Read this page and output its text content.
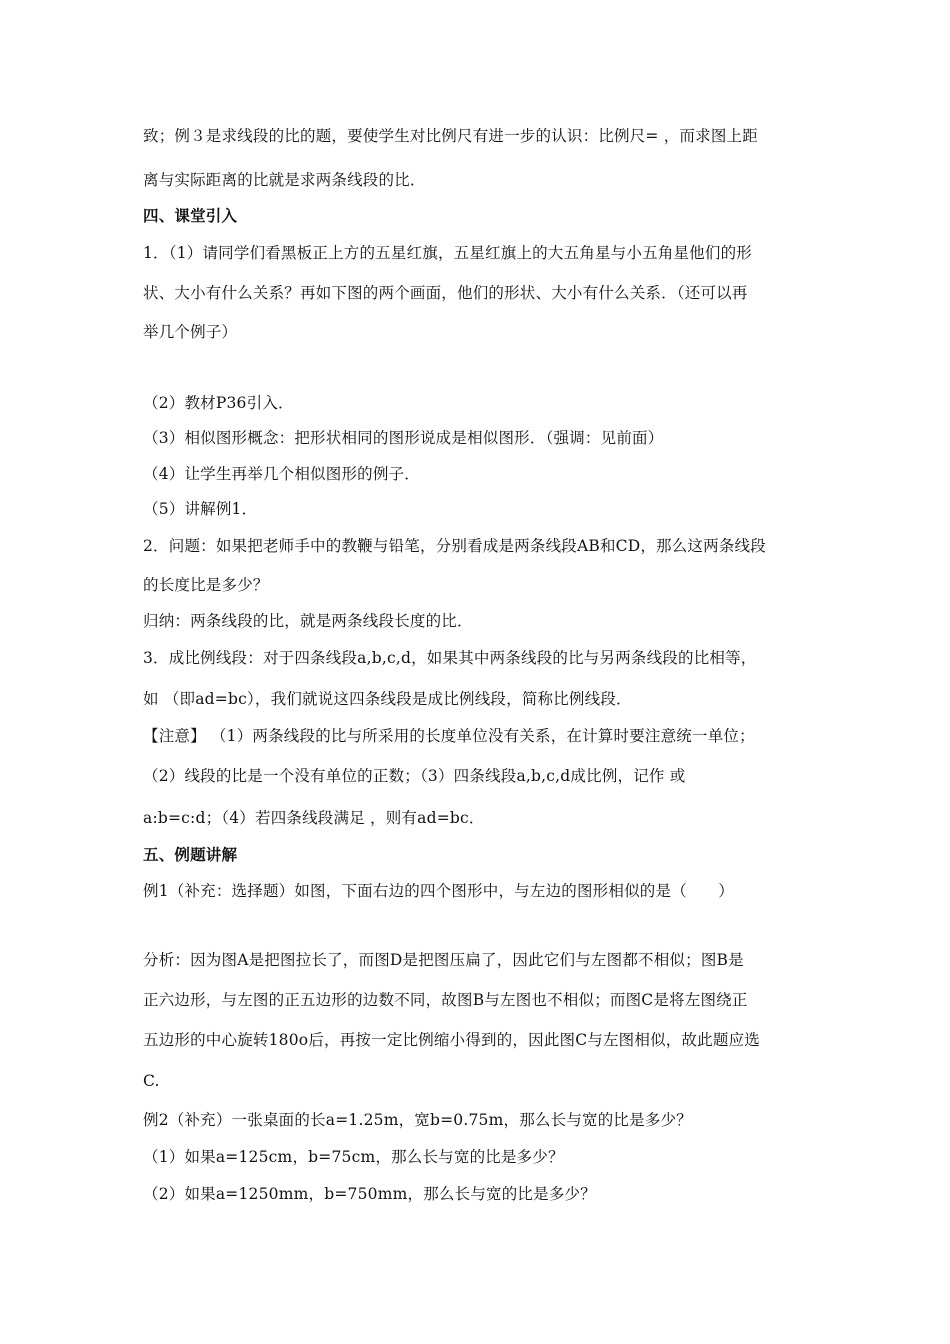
致；例３是求线段的比的题，要使学生对比例尺有进一步的认识：比例尺= ，而求图上距
离与实际距离的比就是求两条线段的比．
四、课堂引入
1．（1）请同学们看黑板正上方的五星红旗，五星红旗上的大五角星与小五角星他们的形
状、大小有什么关系？再如下图的两个画面，他们的形状、大小有什么关系．（还可以再
举几个例子）
（2）教材P36引入．
（3）相似图形概念：把形状相同的图形说成是相似图形．（强调：见前面）
（4）让学生再举几个相似图形的例子．
（5）讲解例1．
2．问题：如果把老师手中的教鞭与铅笔，分别看成是两条线段AB和CD，那么这两条线段
的长度比是多少？
归纳：两条线段的比，就是两条线段长度的比．
3．成比例线段：对于四条线段a,b,c,d，如果其中两条线段的比与另两条线段的比相等，
如 （即ad=bc），我们就说这四条线段是成比例线段，简称比例线段．
【注意】 （1）两条线段的比与所采用的长度单位没有关系，在计算时要注意统一单位；
（2）线段的比是一个没有单位的正数；（3）四条线段a,b,c,d成比例，记作 或
a:b=c:d；（4）若四条线段满足 ，则有ad=bc．
五、例题讲解
例1（补充：选择题）如图，下面右边的四个图形中，与左边的图形相似的是（　　）
分析：因为图A是把图拉长了，而图D是把图压扁了，因此它们与左图都不相似；图B是
正六边形，与左图的正五边形的边数不同，故图B与左图也不相似；而图C是将左图绕正
五边形的中心旋转180o后，再按一定比例缩小得到的，因此图C与左图相似，故此题应选
C.
例2（补充）一张桌面的长a=1.25m，宽b=0.75m，那么长与宽的比是多少？
（1）如果a=125cm，b=75cm，那么长与宽的比是多少？
（2）如果a=1250mm，b=750mm，那么长与宽的比是多少？
